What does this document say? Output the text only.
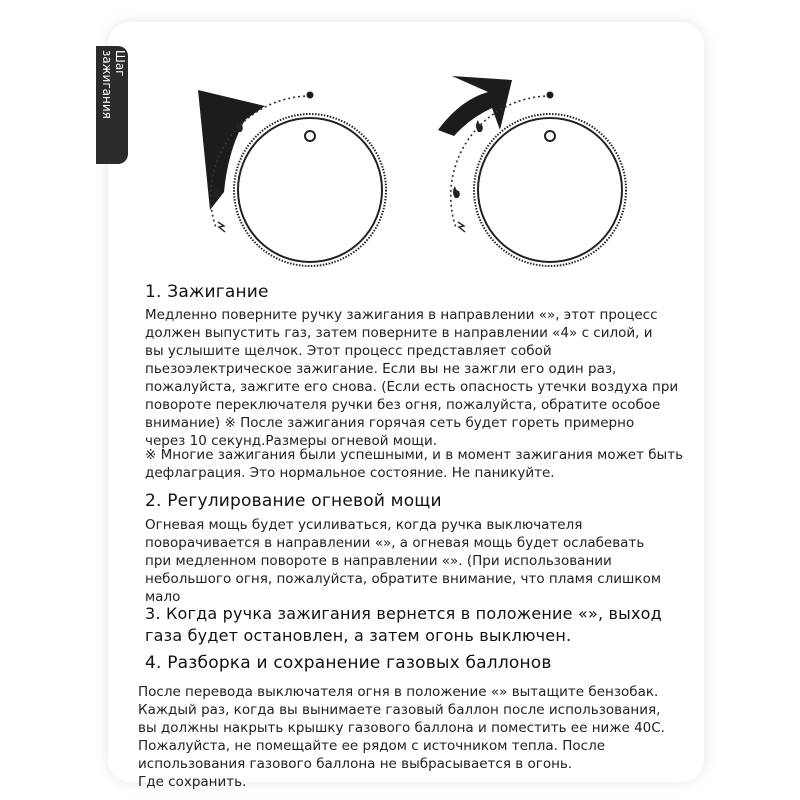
Шаг
зажигания
1. Зажигание
Медленно поверните ручку зажигания в направлении «», этот процесс
должен выпустить газ, затем поверните в направлении «4» с силой, и
вы услышите щелчок. Этот процесс представляет собой
пьезоэлектрическое зажигание. Если вы не зажгли его один раз,
пожалуйста, зажгите его снова. (Если есть опасность утечки воздуха при
повороте переключателя ручки без огня, пожалуйста, обратите особое
внимание) ※ После зажигания горячая сеть будет гореть примерно
через 10 секунд.Размеры огневой мощи.
※ Многие зажигания были успешными, и в момент зажигания может быть
дефлаграция. Это нормальное состояние. Не паникуйте.
2. Регулирование огневой мощи
Огневая мощь будет усиливаться, когда ручка выключателя
поворачивается в направлении «», а огневая мощь будет ослабевать
при медленном повороте в направлении «». (При использовании
небольшого огня, пожалуйста, обратите внимание, что пламя слишком
мало
3. Когда ручка зажигания вернется в положение «», выход
газа будет остановлен, а затем огонь выключен.
4. Разборка и сохранение газовых баллонов
После перевода выключателя огня в положение «» вытащите бензобак.
Каждый раз, когда вы вынимаете газовый баллон после использования,
вы должны накрыть крышку газового баллона и поместить ее ниже 40С.
Пожалуйста, не помещайте ее рядом с источником тепла. После
использования газового баллона не выбрасывается в огонь.
Где сохранить.
